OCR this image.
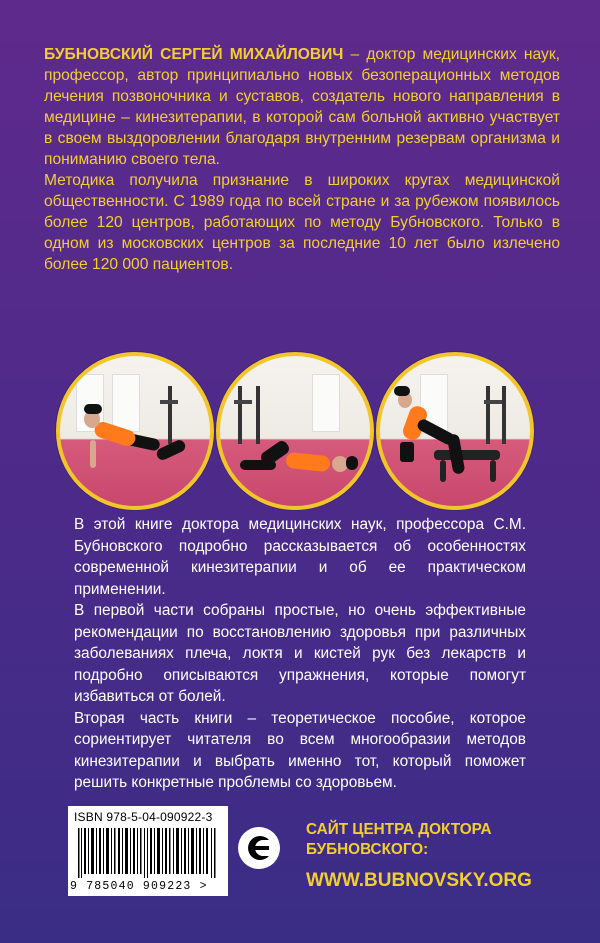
БУБНОВСКИЙ СЕРГЕЙ МИХАЙЛОВИЧ – доктор медицинских наук, профессор, автор принципиально новых безоперационных методов лечения позвоночника и суставов, создатель нового направления в медицине – кинезитерапии, в которой сам больной активно участвует в своем выздоровлении благодаря внутренним резервам организма и пониманию своего тела.

Методика получила признание в широких кругах медицинской общественности. С 1989 года по всей стране и за рубежом появилось более 120 центров, работающих по методу Бубновского. Только в одном из московских центров за последние 10 лет было излечено более 120 000 пациентов.

В этой книге доктора медицинских наук, профессора С.М. Бубновского подробно рассказывается об особенностях современной кинезитерапии и об ее практическом применении.

В первой части собраны простые, но очень эффективные рекомендации по восстановлению здоровья при различных заболеваниях плеча, локтя и кистей рук без лекарств и подробно описываются упражнения, которые помогут избавиться от болей.

Вторая часть книги – теоретическое пособие, которое сориентирует читателя во всем многообразии методов кинезитерапии и выбрать именно тот, который поможет решить конкретные проблемы со здоровьем.

ISBN 978-5-04-090922-3
9 785040 909223 >
САЙТ ЦЕНТРА ДОКТОРА БУБНОВСКОГО:
WWW.BUBNOVSKY.ORG
